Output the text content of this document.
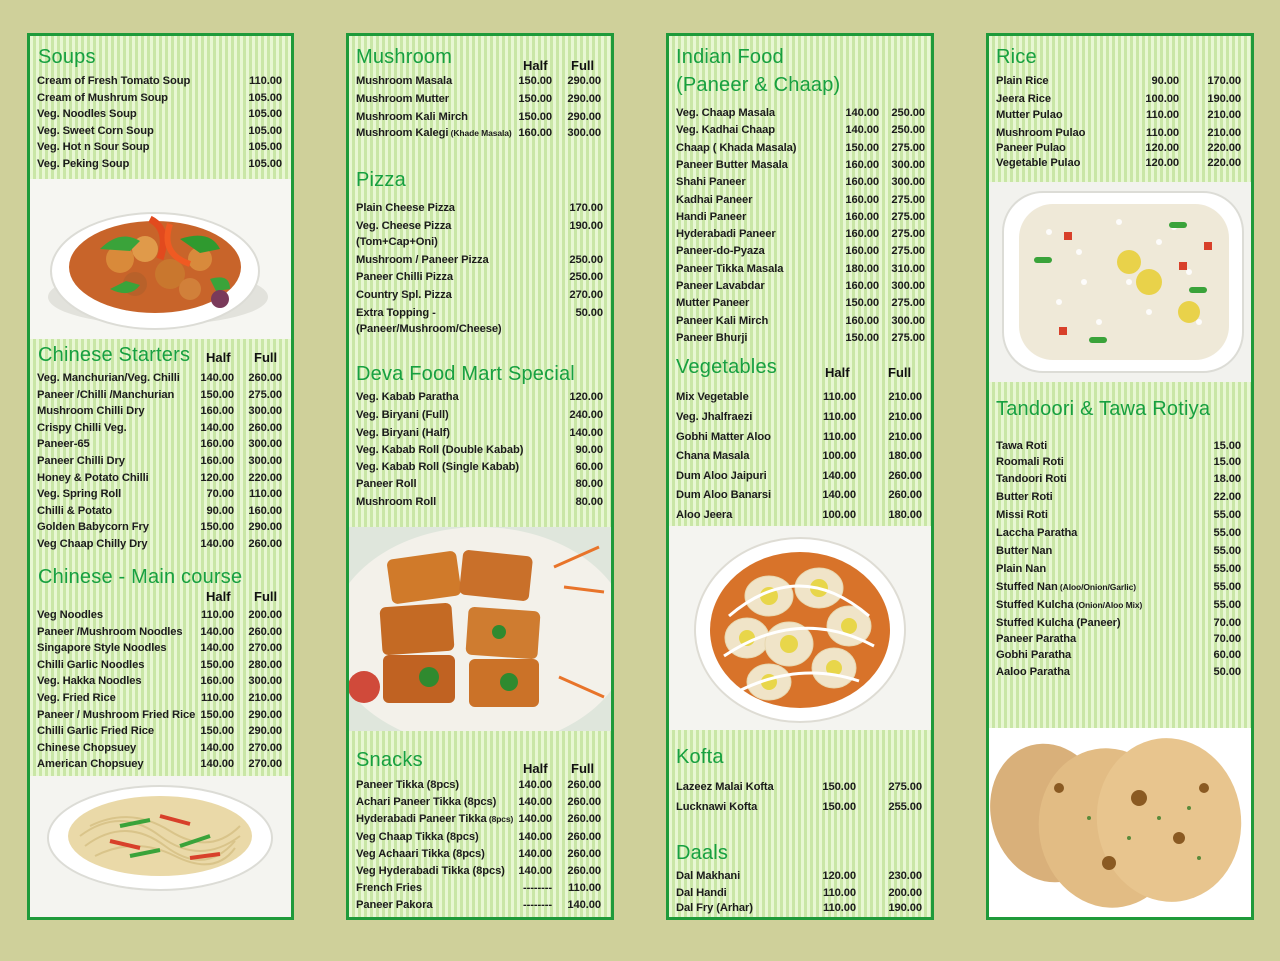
Soups
Cream of Fresh Tomato Soup	110.00
Cream of Mushrum Soup	105.00
Veg. Noodles Soup	105.00
Veg. Sweet Corn Soup	105.00
Veg. Hot n Sour Soup	105.00
Veg. Peking Soup	105.00
Chinese Starters Half Full
Veg. Manchurian/Veg. Chilli	140.00	260.00
Paneer /Chilli /Manchurian	150.00	275.00
Mushroom Chilli Dry	160.00	300.00
Crispy Chilli Veg.	140.00	260.00
Paneer-65	160.00	300.00
Paneer Chilli Dry	160.00	300.00
Honey & Potato Chilli	120.00	220.00
Veg. Spring Roll	70.00	110.00
Chilli & Potato	90.00	160.00
Golden Babycorn Fry	150.00	290.00
Veg Chaap Chilly Dry	140.00	260.00
Chinese - Main course
Half Full
Veg Noodles	110.00	200.00
Paneer /Mushroom Noodles	140.00	260.00
Singapore Style Noodles	140.00	270.00
Chilli Garlic Noodles	150.00	280.00
Veg. Hakka Noodles	160.00	300.00
Veg. Fried Rice	110.00	210.00
Paneer / Mushroom Fried Rice 150.00	290.00
Chilli Garlic Fried Rice	150.00	290.00
Chinese Chopsuey	140.00	270.00
American Chopsuey	140.00	270.00
Mushroom	Half Full
Mushroom Masala	150.00	290.00
Mushroom Mutter	150.00	290.00
Mushroom Kali Mirch	150.00	290.00
Mushroom Kalegi (Khade Masala) 160.00	300.00
Pizza
Plain Cheese Pizza	170.00
Veg. Cheese Pizza	190.00
(Tom+Cap+Oni)
Mushroom / Paneer Pizza	250.00
Paneer Chilli Pizza	250.00
Country Spl. Pizza	270.00
Extra Topping -	50.00
(Paneer/Mushroom/Cheese)
Deva Food Mart Special
Veg. Kabab Paratha	120.00
Veg. Biryani (Full)	240.00
Veg. Biryani (Half)	140.00
Veg. Kabab Roll (Double Kabab)	90.00
Veg. Kabab Roll (Single Kabab)	60.00
Paneer Roll	80.00
Mushroom Roll	80.00
Snacks	Half Full
Paneer Tikka (8pcs)	140.00	260.00
Achari Paneer Tikka (8pcs)	140.00	260.00
Hyderabadi Paneer Tikka (8pcs) 140.00	260.00
Veg Chaap Tikka (8pcs)	140.00	260.00
Veg Achaari Tikka (8pcs)	140.00	260.00
Veg Hyderabadi Tikka (8pcs)	140.00	260.00
French Fries	--------	110.00
Paneer Pakora	--------	140.00
Indian Food
(Paneer & Chaap)
Veg. Chaap Masala	140.00	250.00
Veg. Kadhai Chaap	140.00	250.00
Chaap ( Khada Masala)	150.00	275.00
Paneer Butter Masala	160.00	300.00
Shahi Paneer	160.00	300.00
Kadhai Paneer	160.00	275.00
Handi Paneer	160.00	275.00
Hyderabadi Paneer	160.00	275.00
Paneer-do-Pyaza	160.00	275.00
Paneer Tikka Masala	180.00	310.00
Paneer Lavabdar	160.00	300.00
Mutter Paneer	150.00	275.00
Paneer Kali Mirch	160.00	300.00
Paneer Bhurji	150.00	275.00
Vegetables	Half	Full
Mix Vegetable	110.00	210.00
Veg. Jhalfraezi	110.00	210.00
Gobhi Matter Aloo	110.00	210.00
Chana Masala	100.00	180.00
Dum Aloo Jaipuri	140.00	260.00
Dum Aloo Banarsi	140.00	260.00
Aloo Jeera	100.00	180.00
Kofta
Lazeez Malai Kofta	150.00	275.00
Lucknawi Kofta	150.00	255.00
Daals
Dal Makhani	120.00	230.00
Dal Handi	110.00	200.00
Dal Fry (Arhar)	110.00	190.00
Rice
Plain Rice	90.00	170.00
Jeera Rice	100.00	190.00
Mutter Pulao	110.00	210.00
Mushroom Pulao	110.00	210.00
Paneer Pulao	120.00	220.00
Vegetable Pulao	120.00	220.00
Tandoori & Tawa Rotiya
Tawa Roti	15.00
Roomali Roti	15.00
Tandoori Roti	18.00
Butter Roti	22.00
Missi Roti	55.00
Laccha Paratha	55.00
Butter Nan	55.00
Plain Nan	55.00
Stuffed Nan (Aloo/Onion/Garlic)	55.00
Stuffed Kulcha (Onion/Aloo Mix)	55.00
Stuffed Kulcha (Paneer)	70.00
Paneer Paratha	70.00
Gobhi Paratha	60.00
Aaloo Paratha	50.00
